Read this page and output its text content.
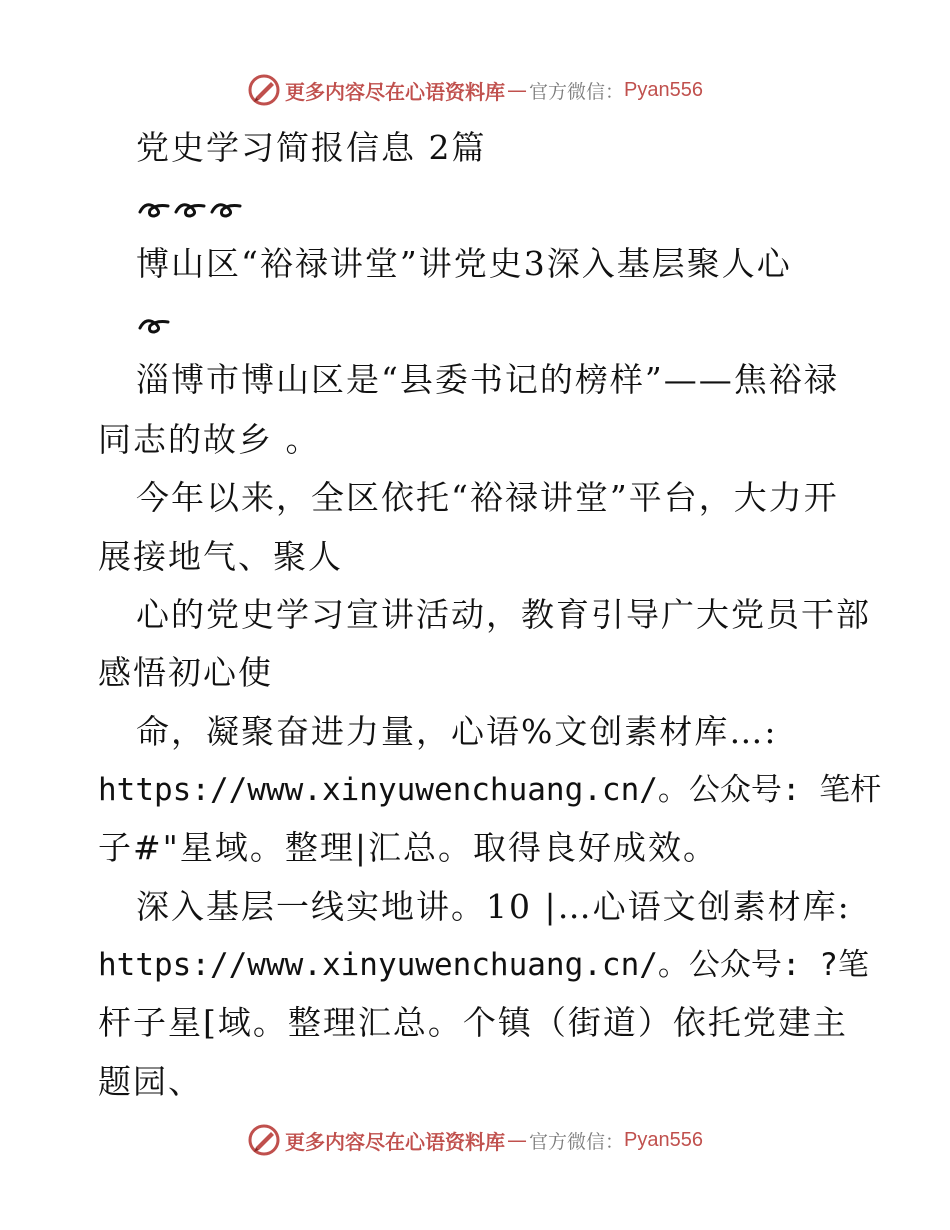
更多内容尽在心语资料库 — 官方微信： Pyan556
党史学习简报信息 2篇
博山区“裕禄讲堂”讲党史3深入基层聚人心
淄博市博山区是“县委书记的榜样”——焦裕禄
同志的故乡 。
今年以来，全区依托“裕禄讲堂”平台，大力开
展接地气、聚人
心的党史学习宣讲活动，教育引导广大党员干部
感悟初心使
命，凝聚奋进力量，心语%文创素材库…:
https://www.xinyuwenchuang.cn/。公众号: 笔杆
子#"星域。整理|汇总。取得良好成效。
深入基层一线实地讲。10 |…心语文创素材库:
https://www.xinyuwenchuang.cn/。公众号: ?笔
杆子星[域。整理汇总。个镇（街道）依托党建主
题园、
更多内容尽在心语资料库 — 官方微信： Pyan556
